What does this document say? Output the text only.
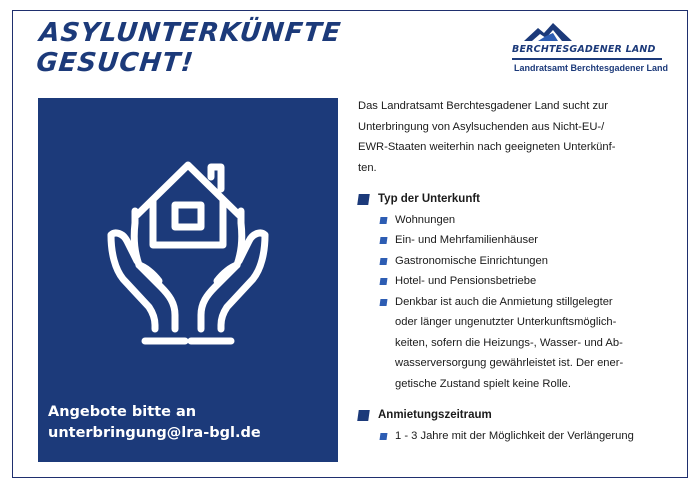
ASYLUNTERKÜNFTE
GESUCHT!	BERCHTESGADENER LAND
Landratsamt Berchtesgadener Land
Angebote bitte an
unterbringung@lra-bgl.de
Das Landratsamt Berchtesgadener Land sucht zur
Unterbringung von Asylsuchenden aus Nicht-EU-/
EWR-Staaten weiterhin nach geeigneten Unterkünf-
ten.
Typ der Unterkunft
Wohnungen
Ein- und Mehrfamilienhäuser
Gastronomische Einrichtungen
Hotel- und Pensionsbetriebe
Denkbar ist auch die Anmietung stillgelegter
oder länger ungenutzter Unterkunftsmöglich-
keiten, sofern die Heizungs-, Wasser- und Ab-
wasserversorgung gewährleistet ist. Der ener-
getische Zustand spielt keine Rolle.
Anmietungszeitraum
1 - 3 Jahre mit der Möglichkeit der Verlängerung
